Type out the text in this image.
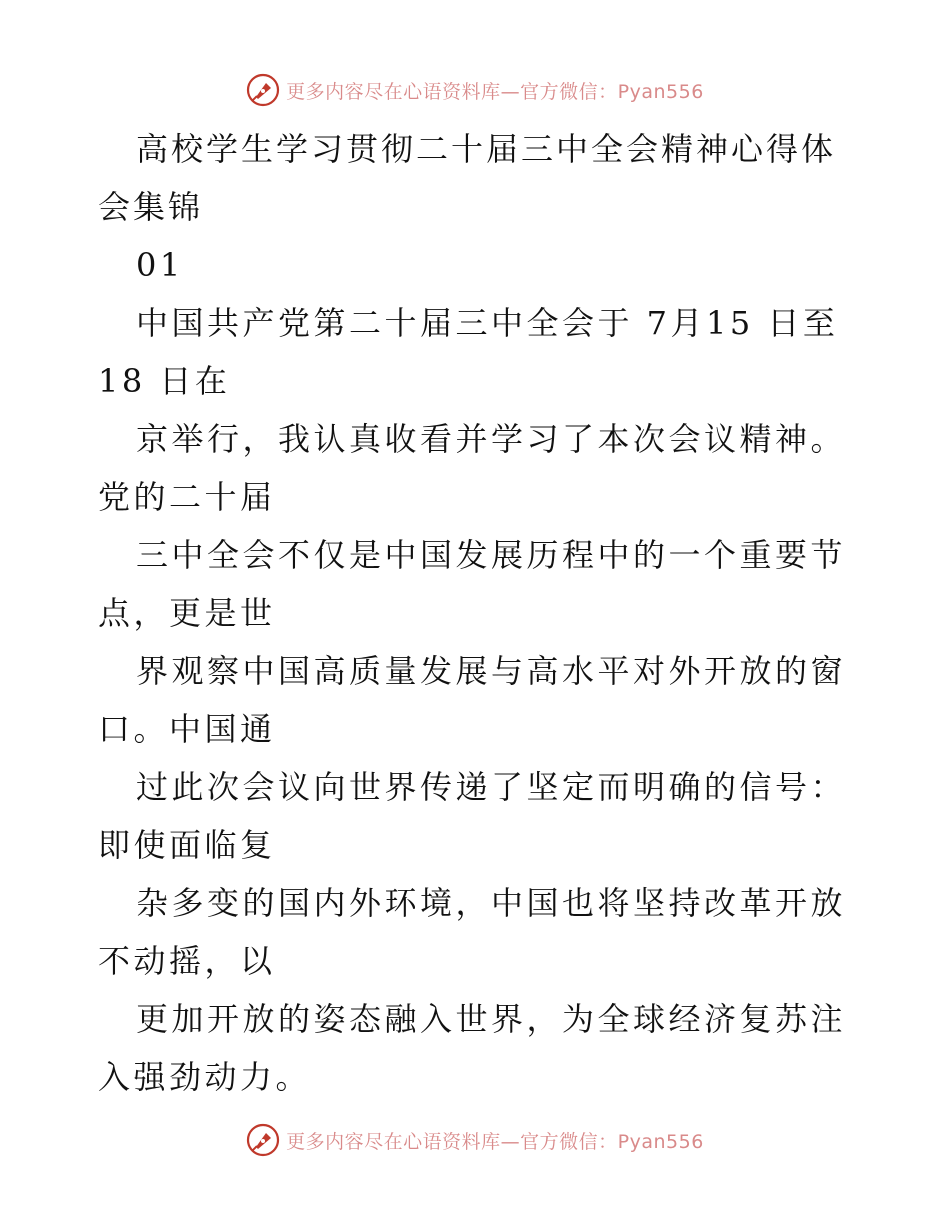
更多内容尽在心语资料库—官方微信：Pyan556

高校学生学习贯彻二十届三中全会精神心得体会集锦

01

中国共产党第二十届三中全会于 7月15 日至 18 日在

京举行，我认真收看并学习了本次会议精神。党的二十届

三中全会不仅是中国发展历程中的一个重要节点，更是世

界观察中国高质量发展与高水平对外开放的窗口。中国通

过此次会议向世界传递了坚定而明确的信号：即使面临复

杂多变的国内外环境，中国也将坚持改革开放不动摇，以

更加开放的姿态融入世界，为全球经济复苏注入强劲动力。

更多内容尽在心语资料库—官方微信：Pyan556
